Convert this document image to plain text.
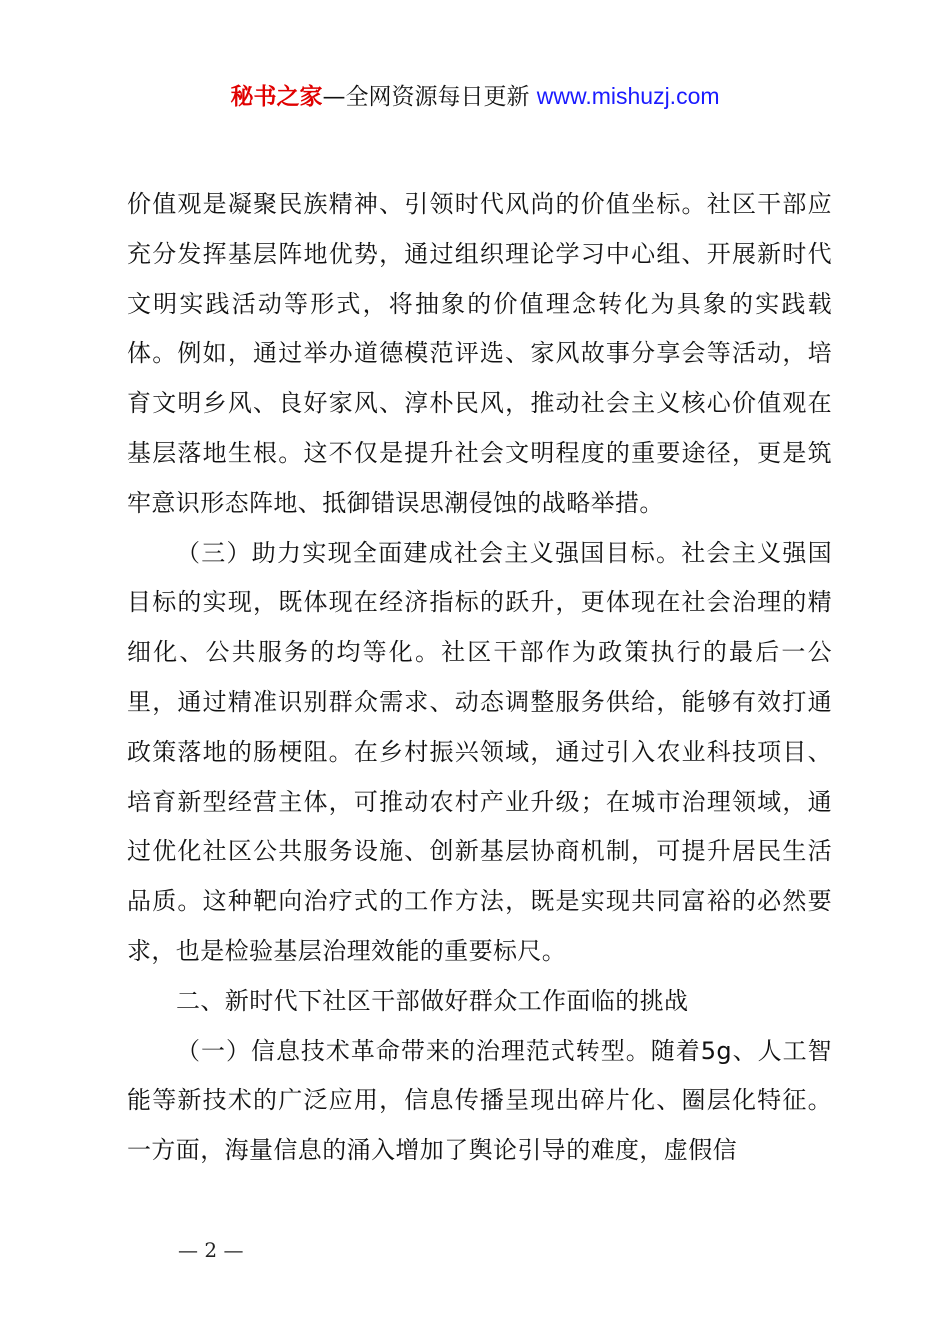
秘书之家—全网资源每日更新 www.mishuzj.com

价值观是凝聚民族精神、引领时代风尚的价值坐标。社区干部应充分发挥基层阵地优势，通过组织理论学习中心组、开展新时代文明实践活动等形式，将抽象的价值理念转化为具象的实践载体。例如，通过举办道德模范评选、家风故事分享会等活动，培育文明乡风、良好家风、淳朴民风，推动社会主义核心价值观在基层落地生根。这不仅是提升社会文明程度的重要途径，更是筑牢意识形态阵地、抵御错误思潮侵蚀的战略举措。

（三）助力实现全面建成社会主义强国目标。社会主义强国目标的实现，既体现在经济指标的跃升，更体现在社会治理的精细化、公共服务的均等化。社区干部作为政策执行的最后一公里，通过精准识别群众需求、动态调整服务供给，能够有效打通政策落地的肠梗阻。在乡村振兴领域，通过引入农业科技项目、培育新型经营主体，可推动农村产业升级；在城市治理领域，通过优化社区公共服务设施、创新基层协商机制，可提升居民生活品质。这种靶向治疗式的工作方法，既是实现共同富裕的必然要求，也是检验基层治理效能的重要标尺。

二、新时代下社区干部做好群众工作面临的挑战

（一）信息技术革命带来的治理范式转型。随着5g、人工智能等新技术的广泛应用，信息传播呈现出碎片化、圈层化特征。一方面，海量信息的涌入增加了舆论引导的难度，虚假信

— 2 —
